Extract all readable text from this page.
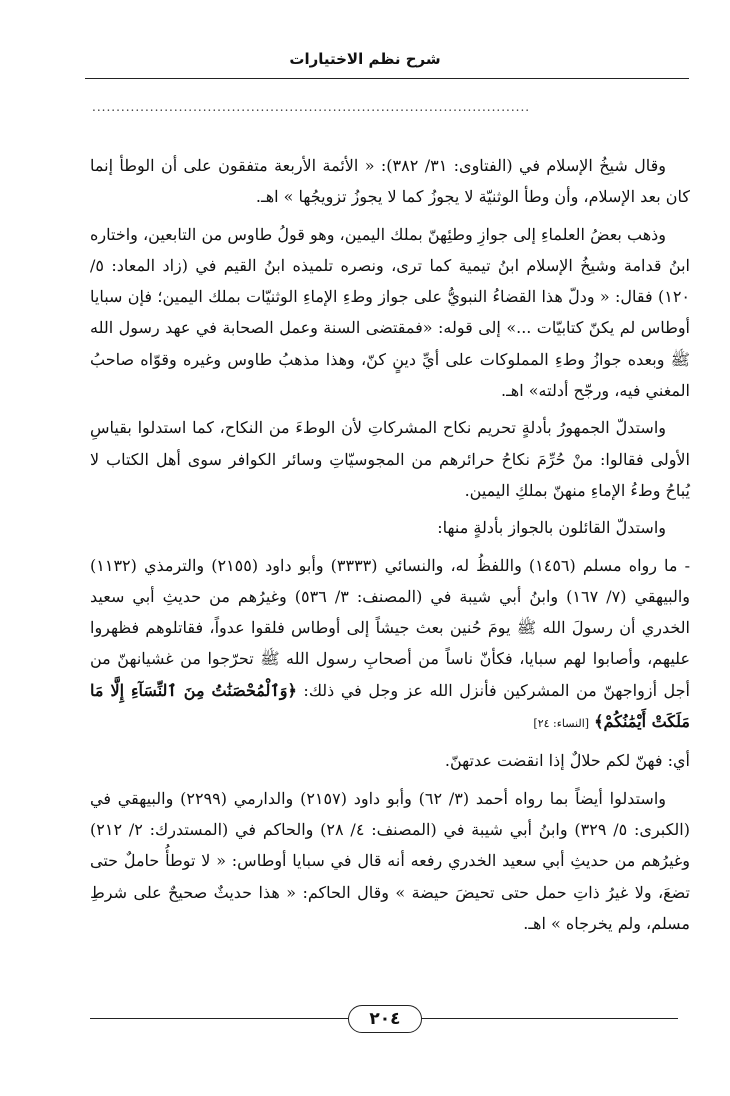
شرح نظم الاختيارات
...........................................................................................

وقال شيخُ الإسلام في (الفتاوى: ٣١/ ٣٨٢): « الأئمة الأربعة متفقون على أن الوطأ إنما كان بعد الإسلام، وأن وطأ الوثنيّة لا يجوزُ كما لا يجوزُ تزويجُها » اهـ.

وذهب بعضُ العلماءِ إلى جوازِ وطئِهنّ بملك اليمين، وهو قولُ طاوس من التابعين، واختاره ابنُ قدامة وشيخُ الإسلام ابنُ تيمية كما ترى، ونصره تلميذه ابنُ القيم في (زاد المعاد: ٥/ ١٢٠) فقال: « ودلّ هذا القضاءُ النبويُّ على جواز وطءِ الإماءِ الوثنيّات بملك اليمين؛ فإن سبايا أوطاس لم يكنّ كتابيّات ...» إلى قوله: «فمقتضى السنة وعمل الصحابة في عهد رسول الله ﷺ وبعده جوازُ وطءِ المملوكات على أيِّ دينٍ كنّ، وهذا مذهبُ طاوس وغيره وقوّاه صاحبُ المغني فيه، ورجّح أدلته» اهـ.

واستدلّ الجمهورُ بأدلةٍ تحريم نكاح المشركاتِ لأن الوطءَ من النكاح، كما استدلوا بقياسِ الأولى فقالوا: منْ حُرِّمَ نكاحُ حرائرهم من المجوسيّاتِ وسائر الكوافر سوى أهل الكتاب لا يُباحُ وطءُ الإماءِ منهنّ بملكِ اليمين.

واستدلّ القائلون بالجواز بأدلةٍ منها:

- ما رواه مسلم (١٤٥٦) واللفظُ له، والنسائي (٣٣٣٣) وأبو داود (٢١٥٥) والترمذي (١١٣٢) والبيهقي (٧/ ١٦٧) وابنُ أبي شيبة في (المصنف: ٣/ ٥٣٦) وغيرُهم من حديثِ أبي سعيد الخدري أن رسولَ الله ﷺ يومَ حُنين بعث جيشاً إلى أوطاس فلقوا عدواً، فقاتلوهم فظهروا عليهم، وأصابوا لهم سبايا، فكأنّ ناساً من أصحابِ رسول الله ﷺ تحرّجوا من غشيانهنّ من أجل أزواجهنّ من المشركين فأنزل الله عز وجل في ذلك: ﴿وَٱلْمُحْصَنَٰتُ مِنَ ٱلنِّسَآءِ إِلَّا مَا مَلَكَتْ أَيْمَٰنُكُمْ﴾ [النساء: ٢٤]

أي: فهنّ لكم حلالٌ إذا انقضت عدتهنّ.

واستدلوا أيضاً بما رواه أحمد (٣/ ٦٢) وأبو داود (٢١٥٧) والدارمي (٢٢٩٩) والبيهقي في (الكبرى: ٥/ ٣٢٩) وابنُ أبي شيبة في (المصنف: ٤/ ٢٨) والحاكم في (المستدرك: ٢/ ٢١٢) وغيرُهم من حديثِ أبي سعيد الخدري رفعه أنه قال في سبايا أوطاس: « لا توطأُ حاملٌ حتى تضعَ، ولا غيرُ ذاتِ حمل حتى تحيضَ حيضة » وقال الحاكم: « هذا حديثٌ صحيحٌ على شرطِ مسلم، ولم يخرجاه » اهـ.

٢٠٤
